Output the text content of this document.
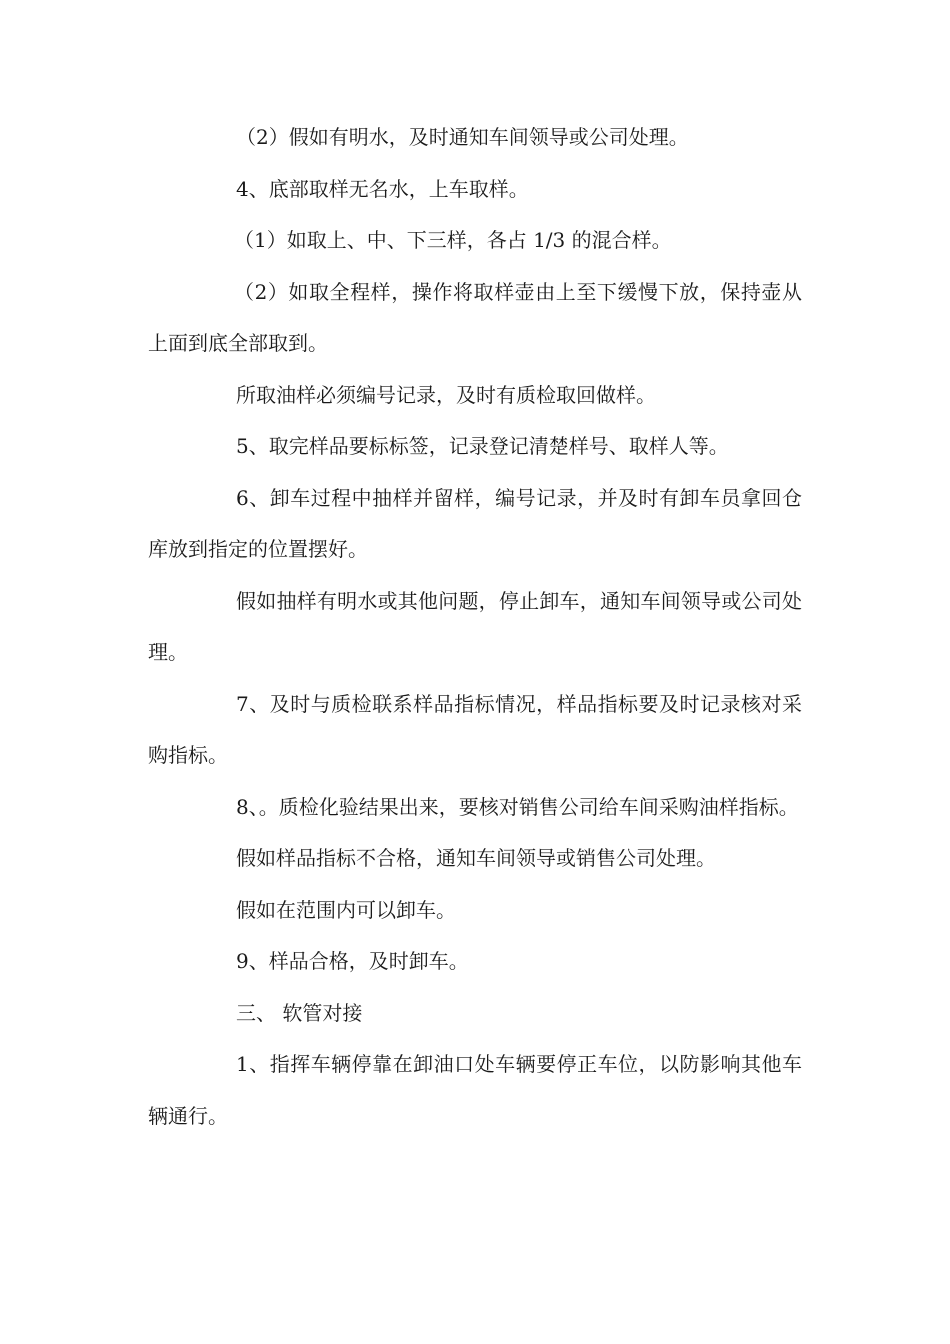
（2）假如有明水，及时通知车间领导或公司处理。

4、底部取样无名水，上车取样。

（1）如取上、中、下三样，各占 1/3 的混合样。

（2）如取全程样，操作将取样壶由上至下缓慢下放，保持壶从上面到底全部取到。

所取油样必须编号记录，及时有质检取回做样。

5、取完样品要标标签，记录登记清楚样号、取样人等。

6、卸车过程中抽样并留样，编号记录，并及时有卸车员拿回仓库放到指定的位置摆好。

假如抽样有明水或其他问题，停止卸车，通知车间领导或公司处理。

7、及时与质检联系样品指标情况，样品指标要及时记录核对采购指标。

8、。质检化验结果出来，要核对销售公司给车间采购油样指标。

假如样品指标不合格，通知车间领导或销售公司处理。

假如在范围内可以卸车。

9、样品合格，及时卸车。

三、 软管对接

1、指挥车辆停靠在卸油口处车辆要停正车位，以防影响其他车辆通行。
